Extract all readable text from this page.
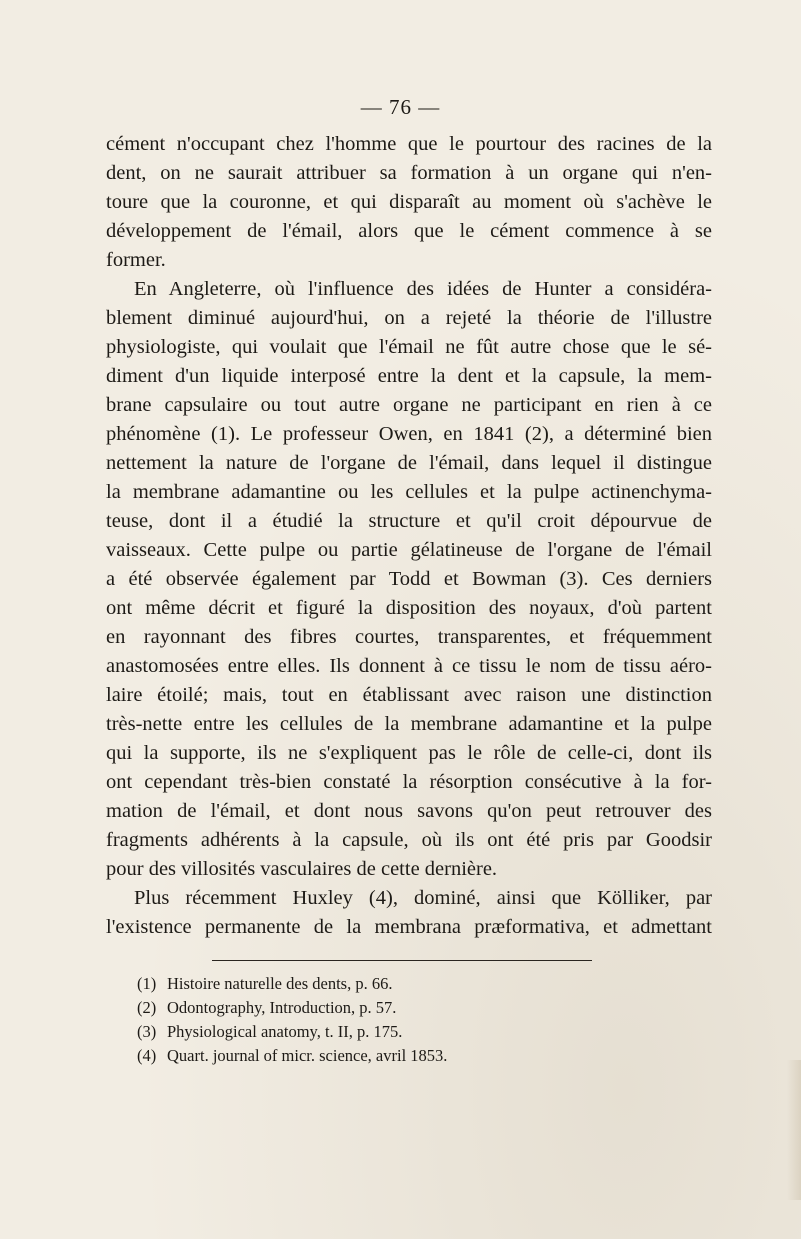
— 76 —
cément n'occupant chez l'homme que le pourtour des racines de la
dent, on ne saurait attribuer sa formation à un organe qui n'en-
toure que la couronne, et qui disparaît au moment où s'achève le
développement de l'émail, alors que le cément commence à se
former.
En Angleterre, où l'influence des idées de Hunter a considéra-
blement diminué aujourd'hui, on a rejeté la théorie de l'illustre
physiologiste, qui voulait que l'émail ne fût autre chose que le sé-
diment d'un liquide interposé entre la dent et la capsule, la mem-
brane capsulaire ou tout autre organe ne participant en rien à ce
phénomène (1). Le professeur Owen, en 1841 (2), a déterminé bien
nettement la nature de l'organe de l'émail, dans lequel il distingue
la membrane adamantine ou les cellules et la pulpe actinenchyma-
teuse, dont il a étudié la structure et qu'il croit dépourvue de
vaisseaux. Cette pulpe ou partie gélatineuse de l'organe de l'émail
a été observée également par Todd et Bowman (3). Ces derniers
ont même décrit et figuré la disposition des noyaux, d'où partent
en rayonnant des fibres courtes, transparentes, et fréquemment
anastomosées entre elles. Ils donnent à ce tissu le nom de tissu aéro-
laire étoilé; mais, tout en établissant avec raison une distinction
très-nette entre les cellules de la membrane adamantine et la pulpe
qui la supporte, ils ne s'expliquent pas le rôle de celle-ci, dont ils
ont cependant très-bien constaté la résorption consécutive à la for-
mation de l'émail, et dont nous savons qu'on peut retrouver des
fragments adhérents à la capsule, où ils ont été pris par Goodsir
pour des villosités vasculaires de cette dernière.
Plus récemment Huxley (4), dominé, ainsi que Kölliker, par
l'existence permanente de la membrana præformativa, et admettant
(1) Histoire naturelle des dents, p. 66.
(2) Odontography, Introduction, p. 57.
(3) Physiological anatomy, t. II, p. 175.
(4) Quart. journal of micr. science, avril 1853.
